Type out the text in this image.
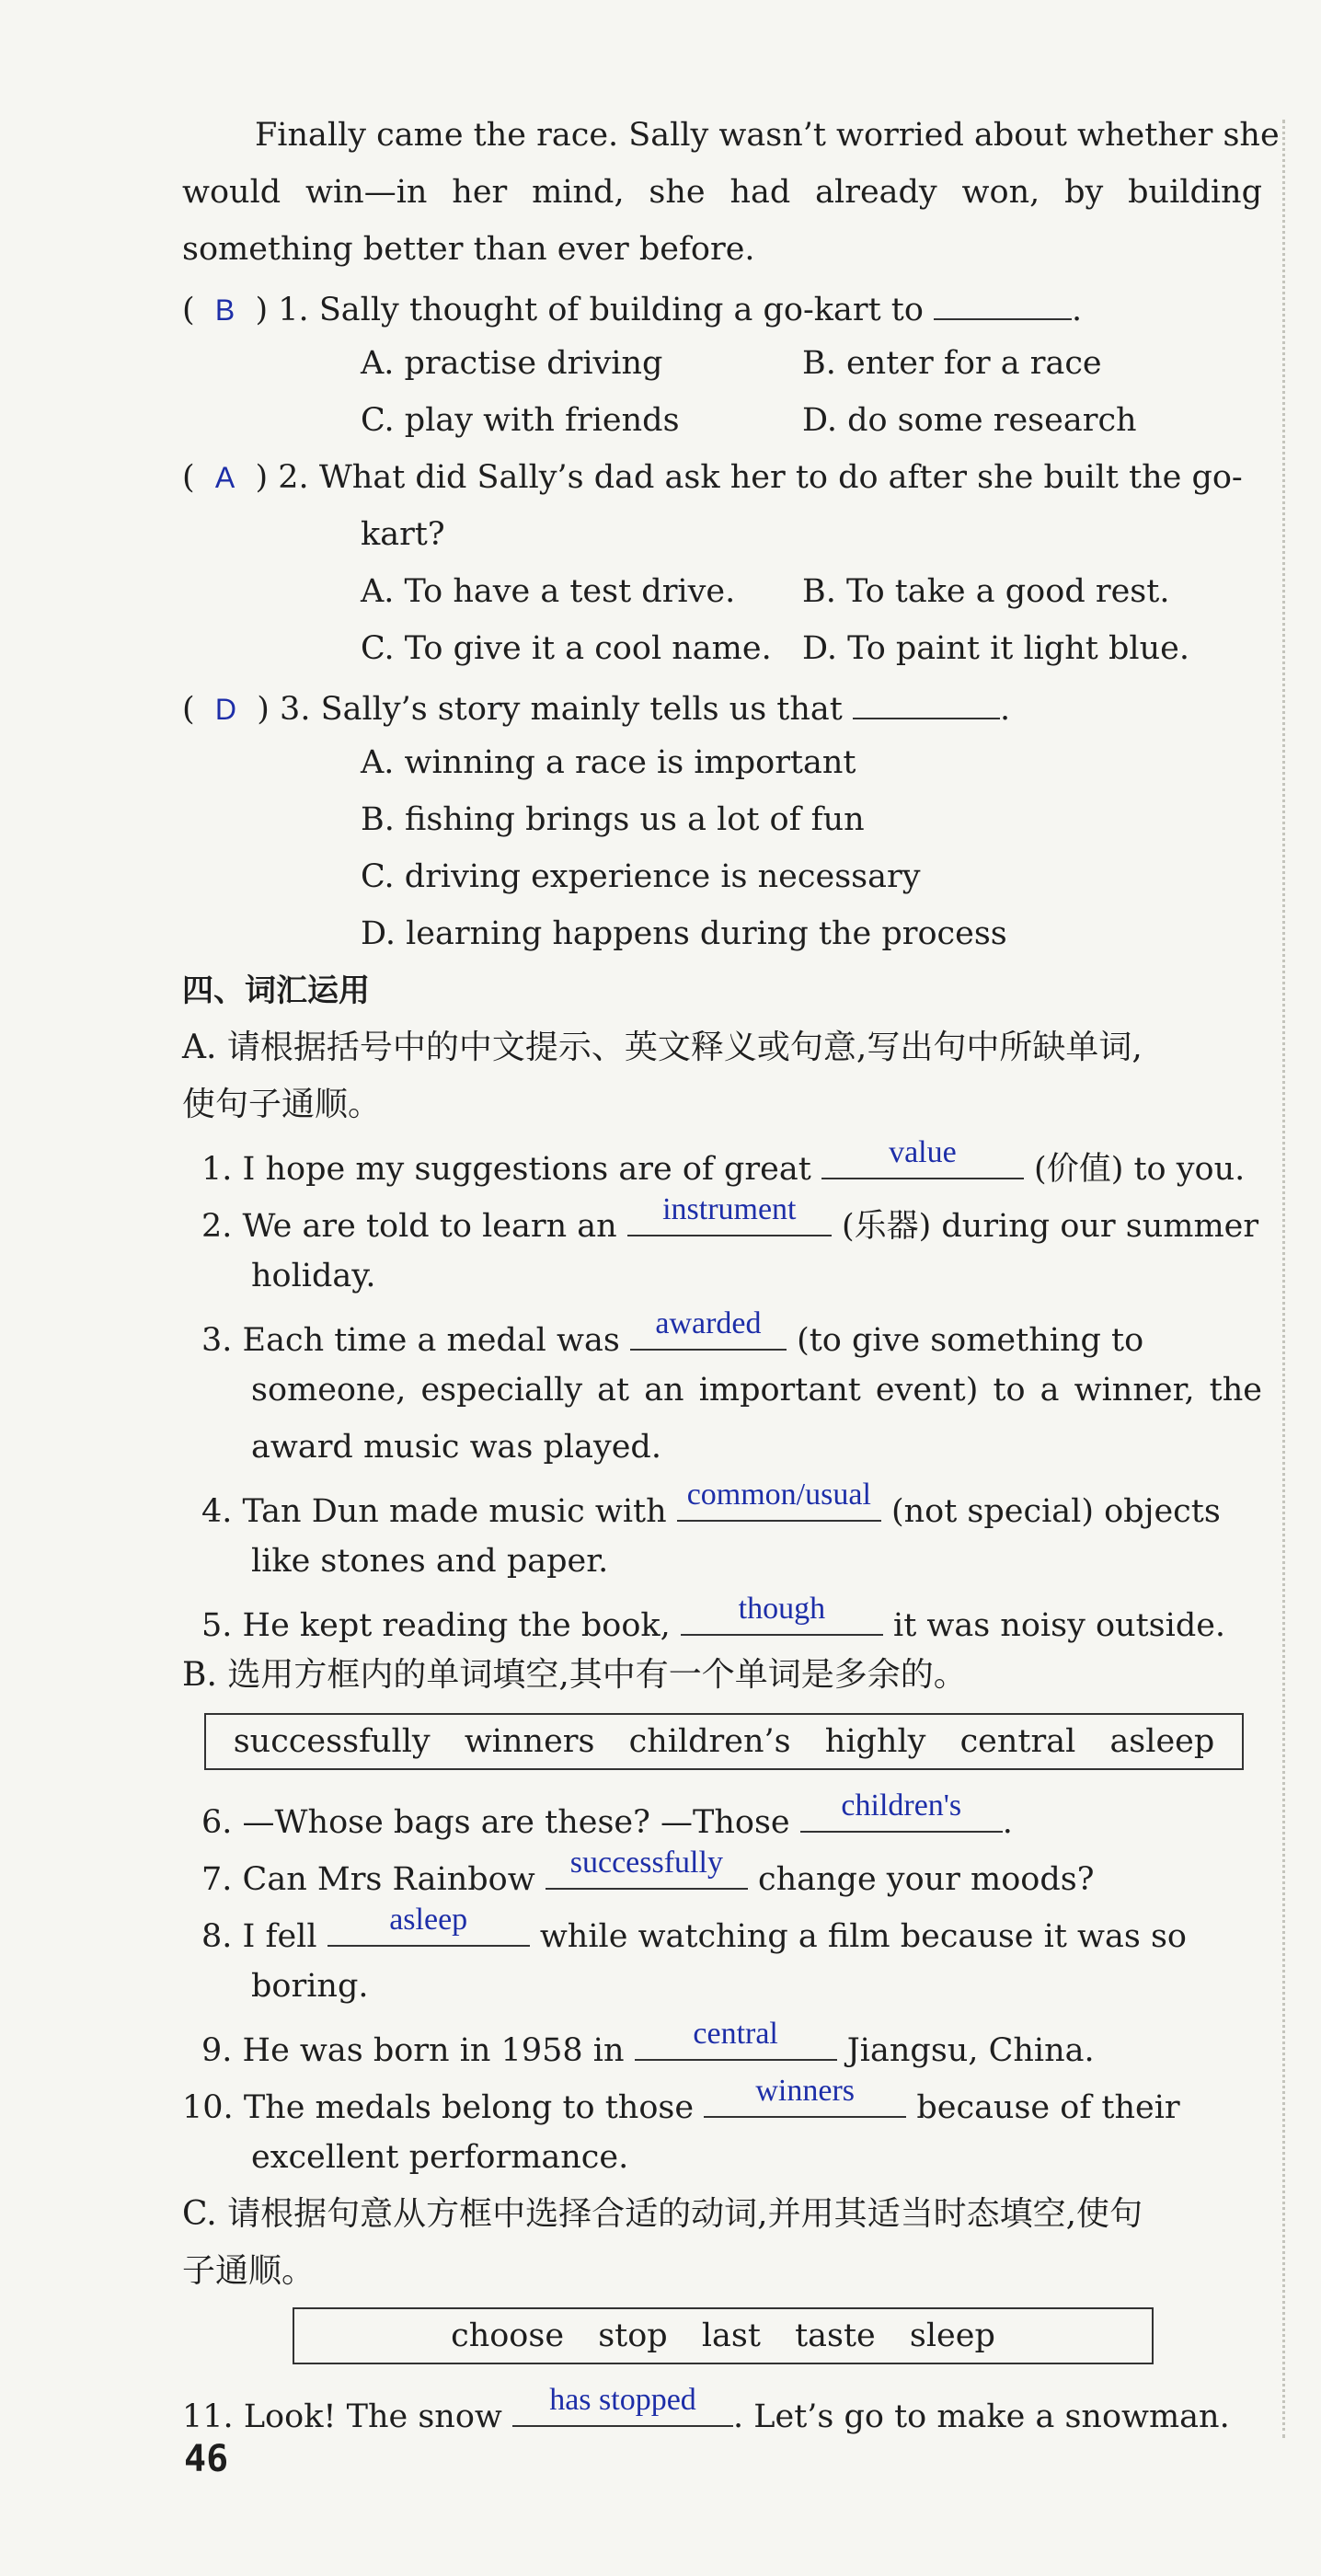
Finally came the race. Sally wasn’t worried about whether she
would win—in her mind, she had already won, by building
something better than ever before.
(  B  ) 1. Sally thought of building a go-kart to	.
A. practise driving	B. enter for a race
C. play with friends	D. do some research
(  A  ) 2. What did Sally’s dad ask her to do after she built the go-
kart?
A. To have a test drive. B. To take a good rest.
C. To give it a cool name. D. To paint it light blue.
(  D  ) 3. Sally’s story mainly tells us that	.
A. winning a race is important
B. fishing brings us a lot of fun
C. driving experience is necessary
D. learning happens during the process
四、词汇运用
A. 请根据括号中的中文提示、英文释义或句意,写出句中所缺单词,
使句子通顺。
1. I hope my suggestions are of great	value	(价值) to you.
2. We are told to learn an	instrument	(乐器) during our summer
holiday.
3. Each time a medal was	awarded	(to give something to
someone, especially at an important event) to a winner, the
award music was played.
4. Tan Dun made music with common/usual (not special) objects
like stones and paper.
5. He kept reading the book,	though	it was noisy outside.
B. 选用方框内的单词填空,其中有一个单词是多余的。
successfully winners children’s highly central asleep
6. —Whose bags are these? —Those	children's	.
7. Can Mrs Rainbow	successfully	change your moods?
8. I fell	asleep	while watching a film because it was so
boring.
9. He was born in 1958 in	central	Jiangsu, China.
10. The medals belong to those	winners	because of their
excellent performance.
C. 请根据句意从方框中选择合适的动词,并用其适当时态填空,使句
子通顺。
choose stop last taste sleep
11. Look! The snow	has stopped	. Let’s go to make a snowman.
46
